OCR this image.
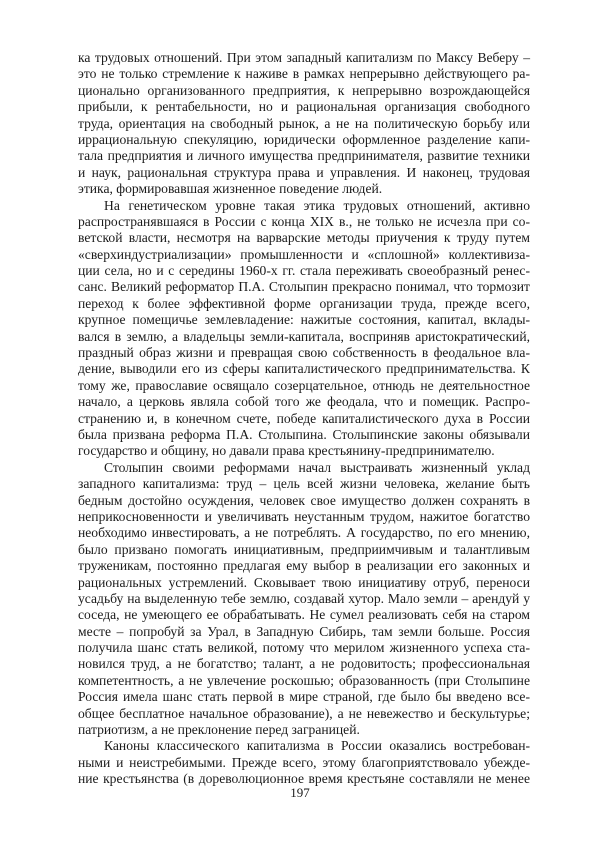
ка трудовых отношений. При этом западный капитализм по Максу Веберу –
это не только стремление к наживе в рамках непрерывно действующего ра-
ционально организованного предприятия, к непрерывно возрождающейся
прибыли, к рентабельности, но и рациональная организация свободного
труда, ориентация на свободный рынок, а не на политическую борьбу или
иррациональную спекуляцию, юридически оформленное разделение капи-
тала предприятия и личного имущества предпринимателя, развитие техники
и наук, рациональная структура права и управления. И наконец, трудовая
этика, формировавшая жизненное поведение людей.
На генетическом уровне такая этика трудовых отношений, активно
распространявшаяся в России с конца XIX в., не только не исчезла при со-
ветской власти, несмотря на варварские методы приучения к труду путем
«сверхиндустриализации» промышленности и «сплошной» коллективиза-
ции села, но и с середины 1960-х гг. стала переживать своеобразный ренес-
санс. Великий реформатор П.А. Столыпин прекрасно понимал, что тормозит
переход к более эффективной форме организации труда, прежде всего,
крупное помещичье землевладение: нажитые состояния, капитал, вклады-
вался в землю, а владельцы земли-капитала, восприняв аристократический,
праздный образ жизни и превращая свою собственность в феодальное вла-
дение, выводили его из сферы капиталистического предпринимательства. К
тому же, православие освящало созерцательное, отнюдь не деятельностное
начало, а церковь являла собой того же феодала, что и помещик. Распро-
странению и, в конечном счете, победе капиталистического духа в России
была призвана реформа П.А. Столыпина. Столыпинские законы обязывали
государство и общину, но давали права крестьянину-предпринимателю.
Столыпин своими реформами начал выстраивать жизненный уклад
западного капитализма: труд – цель всей жизни человека, желание быть
бедным достойно осуждения, человек свое имущество должен сохранять в
неприкосновенности и увеличивать неустанным трудом, нажитое богатство
необходимо инвестировать, а не потреблять. А государство, по его мнению,
было призвано помогать инициативным, предприимчивым и талантливым
труженикам, постоянно предлагая ему выбор в реализации его законных и
рациональных устремлений. Сковывает твою инициативу отруб, переноси
усадьбу на выделенную тебе землю, создавай хутор. Мало земли – арендуй у
соседа, не умеющего ее обрабатывать. Не сумел реализовать себя на старом
месте – попробуй за Урал, в Западную Сибирь, там земли больше. Россия
получила шанс стать великой, потому что мерилом жизненного успеха ста-
новился труд, а не богатство; талант, а не родовитость; профессиональная
компетентность, а не увлечение роскошью; образованность (при Столыпине
Россия имела шанс стать первой в мире страной, где было бы введено все-
общее бесплатное начальное образование), а не невежество и бескультурье;
патриотизм, а не преклонение перед заграницей.
Каноны классического капитализма в России оказались востребован-
ными и неистребимыми. Прежде всего, этому благоприятствовало убежде-
ние крестьянства (в дореволюционное время крестьяне составляли не менее
197
